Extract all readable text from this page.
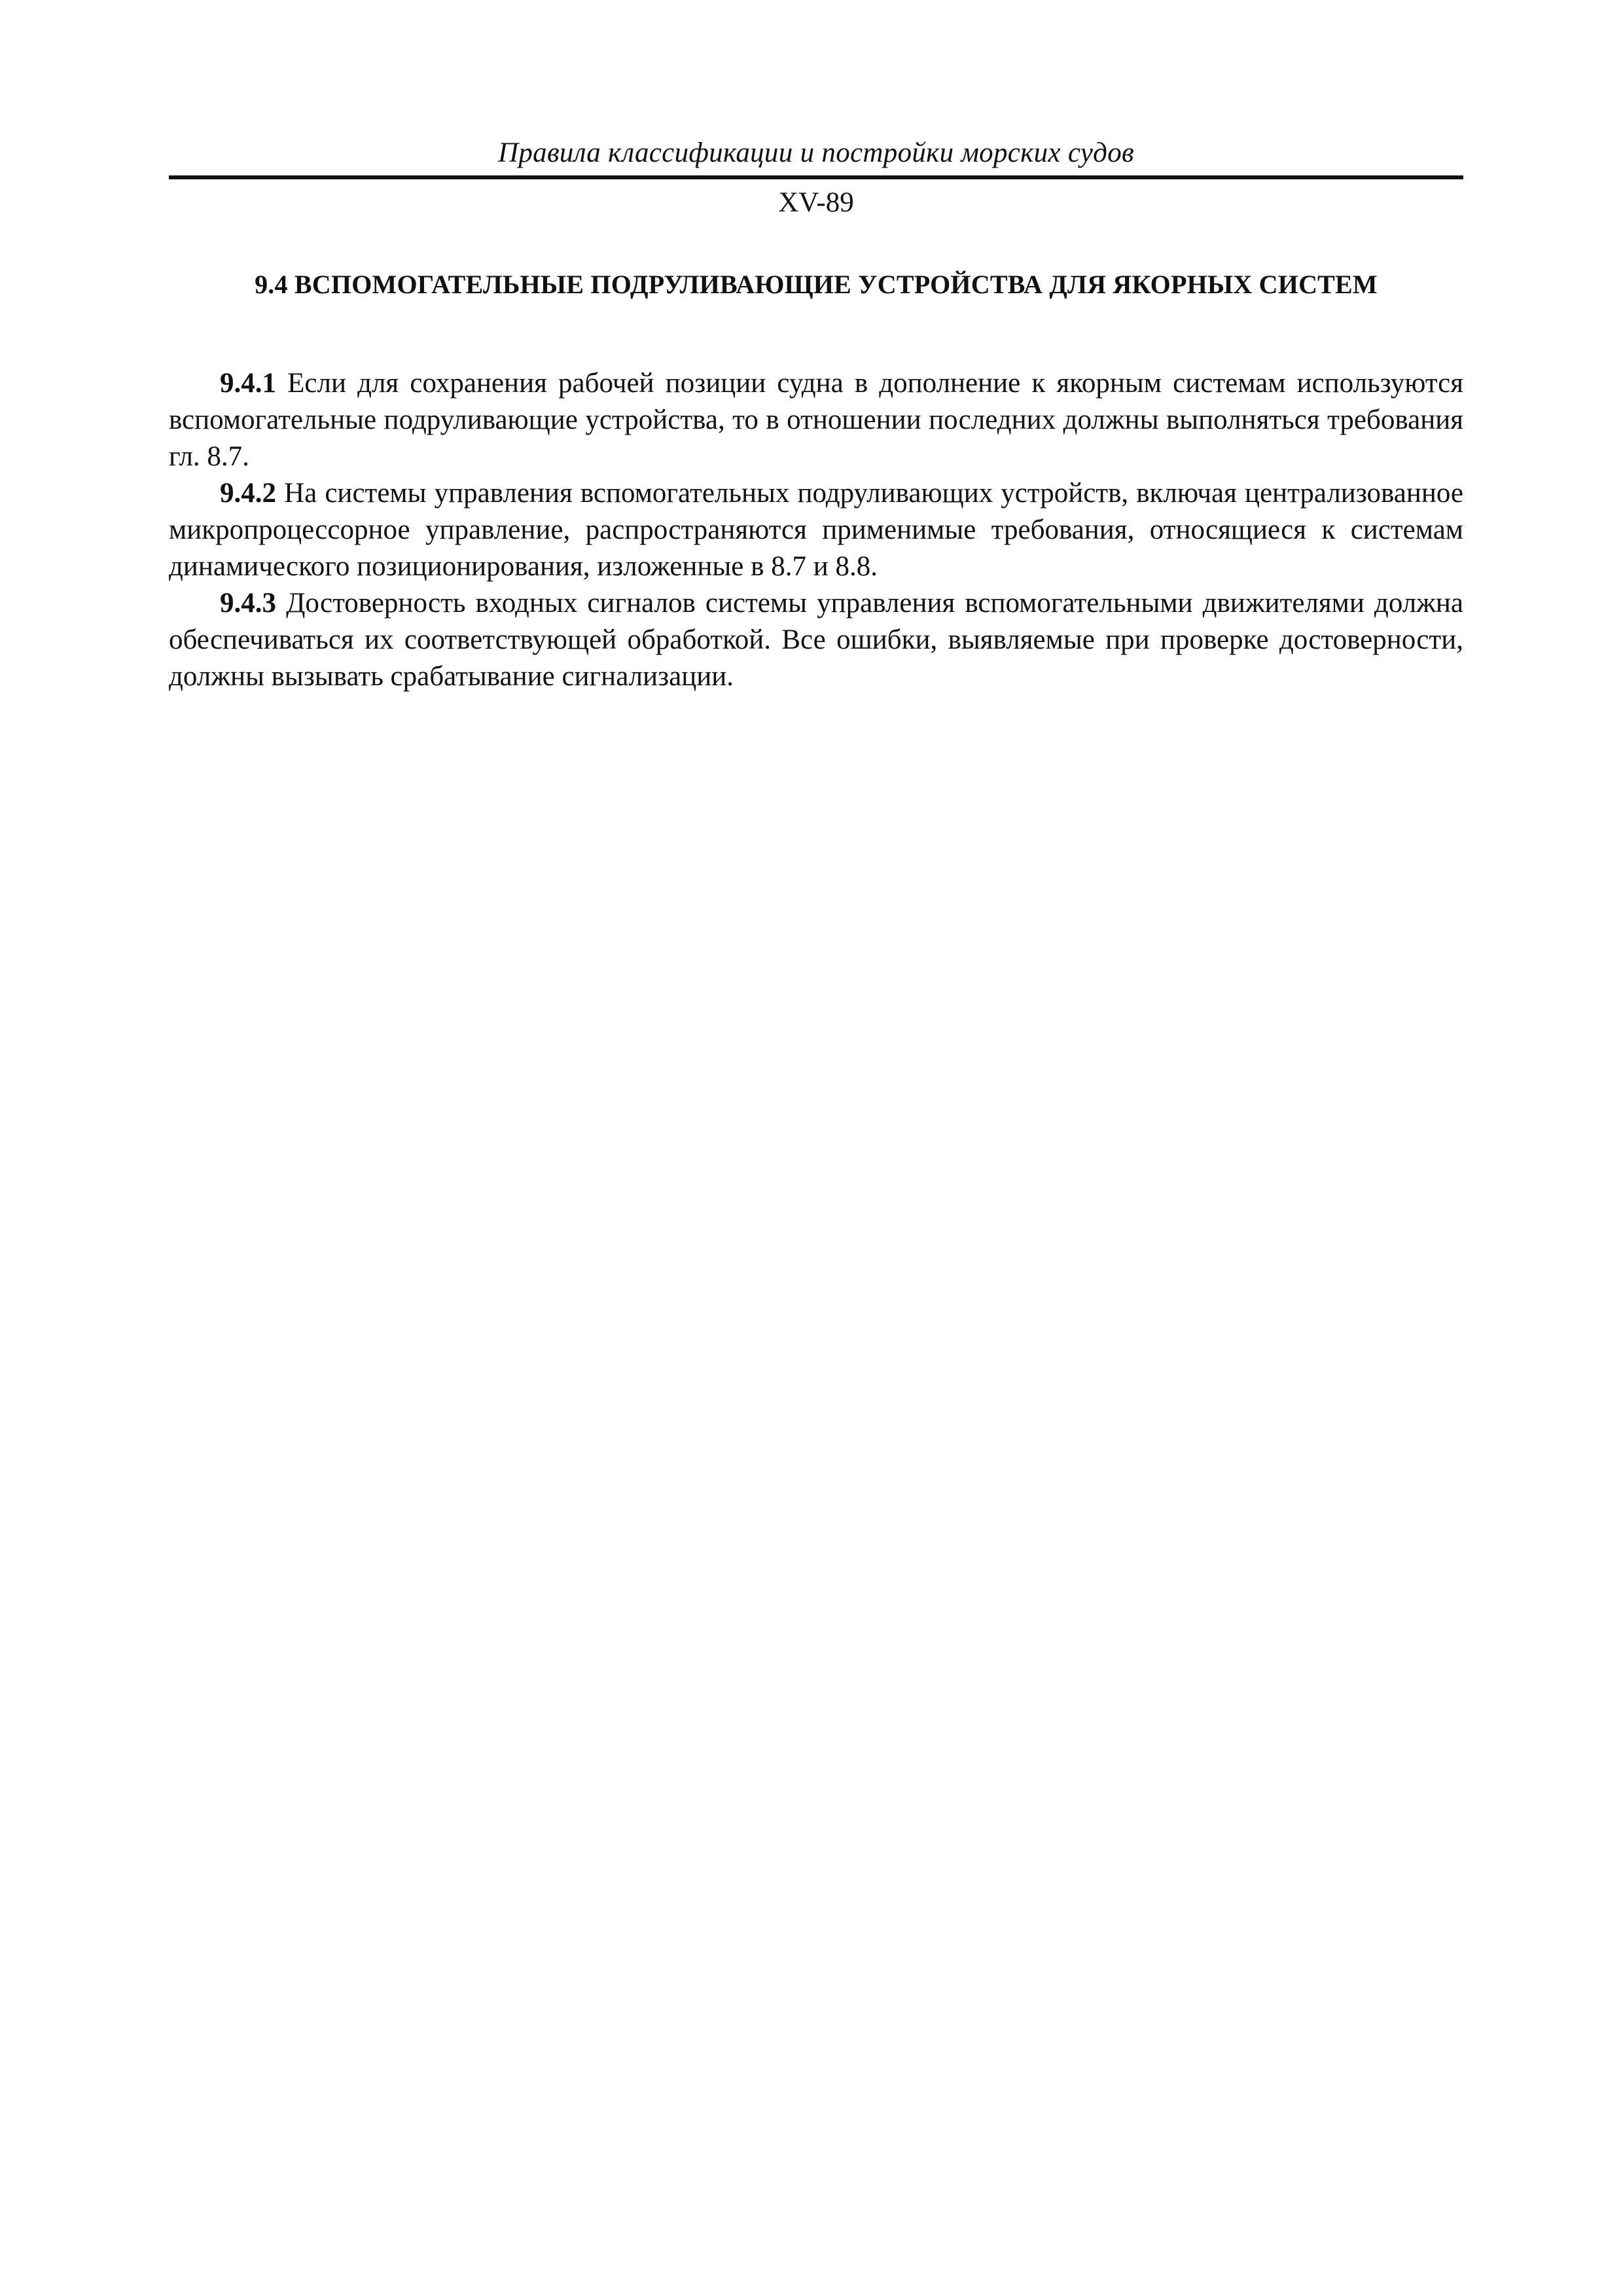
Правила классификации и постройки морских судов
XV-89
9.4 ВСПОМОГАТЕЛЬНЫЕ ПОДРУЛИВАЮЩИЕ УСТРОЙСТВА ДЛЯ ЯКОРНЫХ СИСТЕМ

9.4.1 Если для сохранения рабочей позиции судна в дополнение к якорным системам используются вспомогательные подруливающие устройства, то в отношении последних должны выполняться требования гл. 8.7.

9.4.2 На системы управления вспомогательных подруливающих устройств, включая централизованное микропроцессорное управление, распространяются применимые требования, относящиеся к системам динамического позиционирования, изложенные в 8.7 и 8.8.

9.4.3 Достоверность входных сигналов системы управления вспомогательными движителями должна обеспечиваться их соответствующей обработкой. Все ошибки, выявляемые при проверке достоверности, должны вызывать срабатывание сигнализации.
